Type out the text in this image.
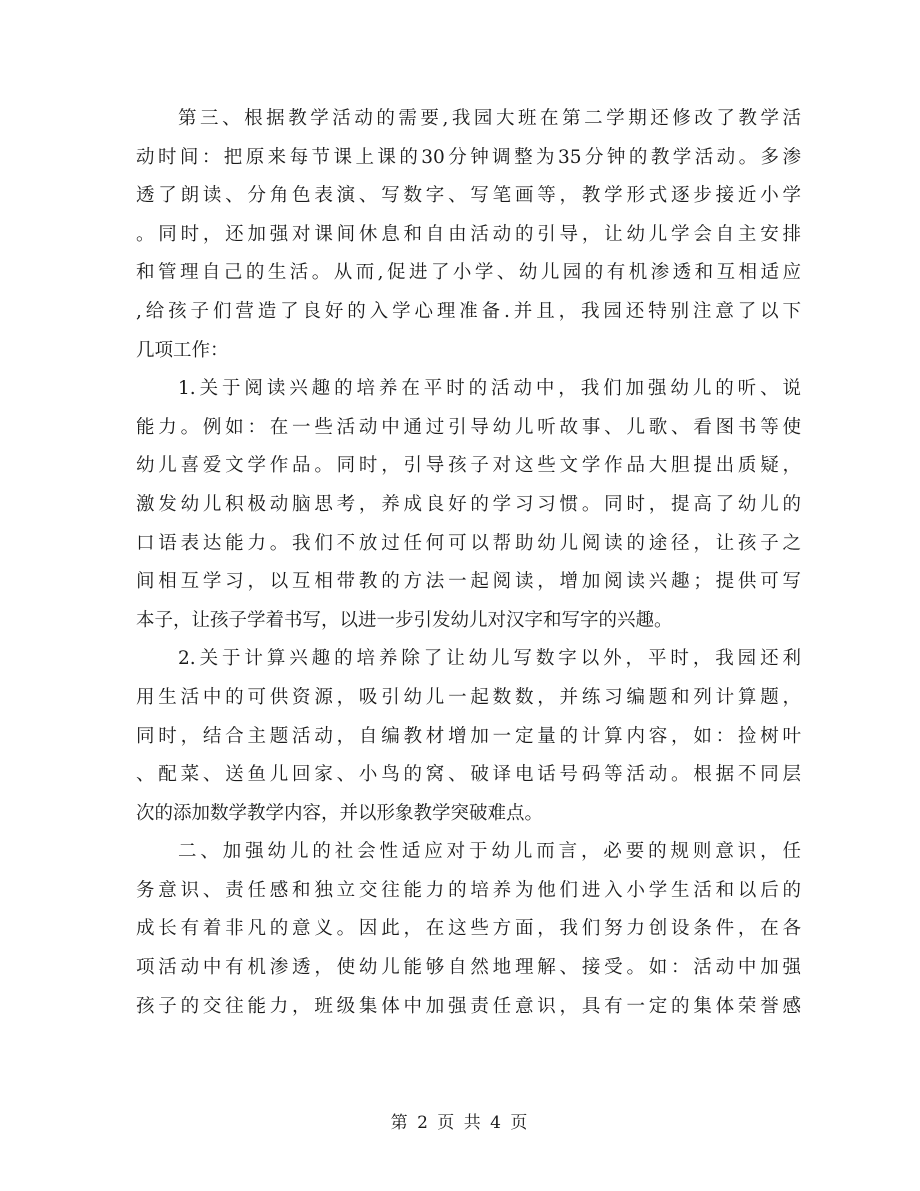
第三、根据教学活动的需要,我园大班在第二学期还修改了教学活
动时间：把原来每节课上课的30分钟调整为35分钟的教学活动。多渗
透了朗读、分角色表演、写数字、写笔画等，教学形式逐步接近小学
。同时，还加强对课间休息和自由活动的引导，让幼儿学会自主安排
和管理自己的生活。从而,促进了小学、幼儿园的有机渗透和互相适应
,给孩子们营造了良好的入学心理准备.并且，我园还特别注意了以下
几项工作：
1.关于阅读兴趣的培养在平时的活动中，我们加强幼儿的听、说
能力。例如：在一些活动中通过引导幼儿听故事、儿歌、看图书等使
幼儿喜爱文学作品。同时，引导孩子对这些文学作品大胆提出质疑，
激发幼儿积极动脑思考，养成良好的学习习惯。同时，提高了幼儿的
口语表达能力。我们不放过任何可以帮助幼儿阅读的途径，让孩子之
间相互学习，以互相带教的方法一起阅读，增加阅读兴趣；提供可写
本子，让孩子学着书写，以进一步引发幼儿对汉字和写字的兴趣。
2.关于计算兴趣的培养除了让幼儿写数字以外，平时，我园还利
用生活中的可供资源，吸引幼儿一起数数，并练习编题和列计算题，
同时，结合主题活动，自编教材增加一定量的计算内容，如：捡树叶
、配菜、送鱼儿回家、小鸟的窝、破译电话号码等活动。根据不同层
次的添加数学教学内容，并以形象教学突破难点。
二、加强幼儿的社会性适应对于幼儿而言，必要的规则意识，任
务意识、责任感和独立交往能力的培养为他们进入小学生活和以后的
成长有着非凡的意义。因此，在这些方面，我们努力创设条件，在各
项活动中有机渗透，使幼儿能够自然地理解、接受。如：活动中加强
孩子的交往能力，班级集体中加强责任意识，具有一定的集体荣誉感
第 2 页 共 4 页
